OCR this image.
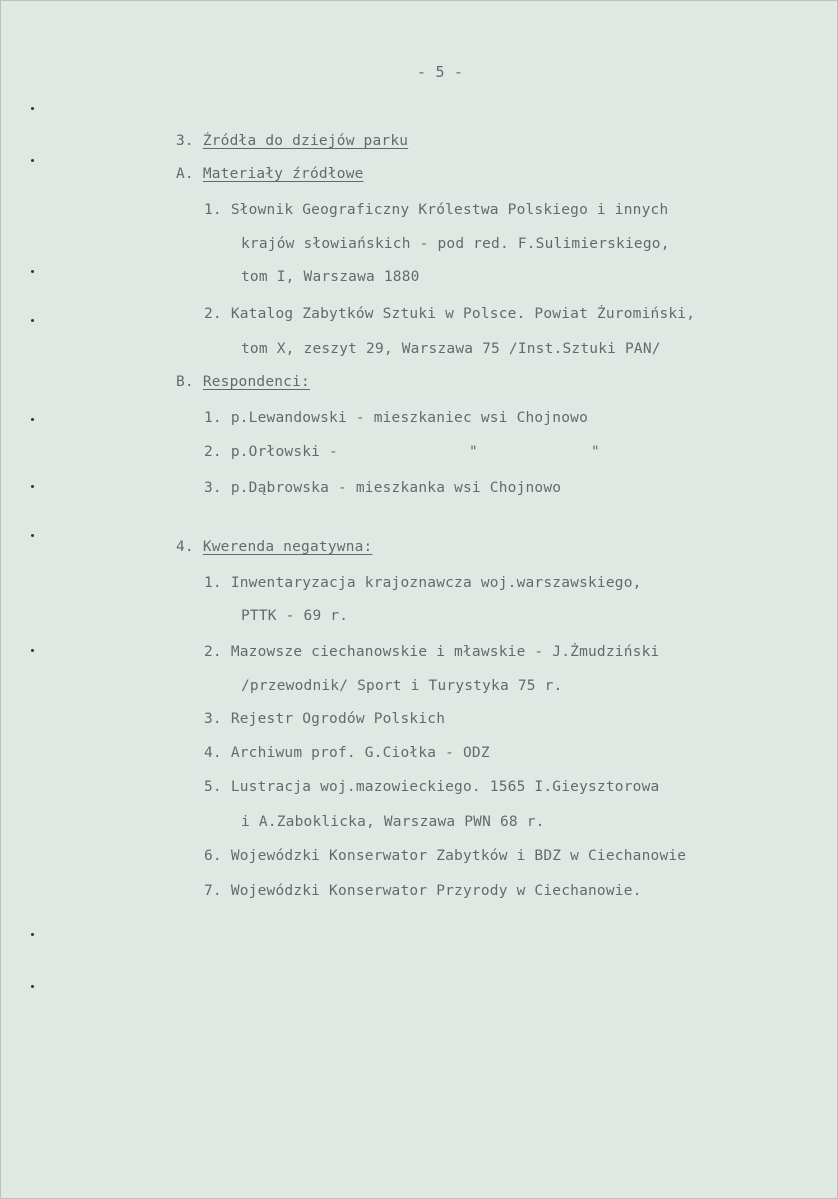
- 5 -
3. Źródła do dziejów parku
A. Materiały źródłowe
1. Słownik Geograficzny Królestwa Polskiego i innych
krajów słowiańskich - pod red. F.Sulimierskiego,
tom I, Warszawa 1880
2. Katalog Zabytków Sztuki w Polsce. Powiat Żuromiński,
tom X, zeszyt 29, Warszawa 75 /Inst.Sztuki PAN/
B. Respondenci:
1. p.Lewandowski - mieszkaniec wsi Chojnowo
2. p.Orłowski -	"	"
3. p.Dąbrowska - mieszkanka wsi Chojnowo
4. Kwerenda negatywna:
1. Inwentaryzacja krajoznawcza woj.warszawskiego,
PTTK - 69 r.
2. Mazowsze ciechanowskie i mławskie - J.Żmudziński
/przewodnik/ Sport i Turystyka 75 r.
3. Rejestr Ogrodów Polskich
4. Archiwum prof. G.Ciołka - ODZ
5. Lustracja woj.mazowieckiego. 1565 I.Gieysztorowa
i A.Zaboklicka, Warszawa PWN 68 r.
6. Wojewódzki Konserwator Zabytków i BDZ w Ciechanowie
7. Wojewódzki Konserwator Przyrody w Ciechanowie.
